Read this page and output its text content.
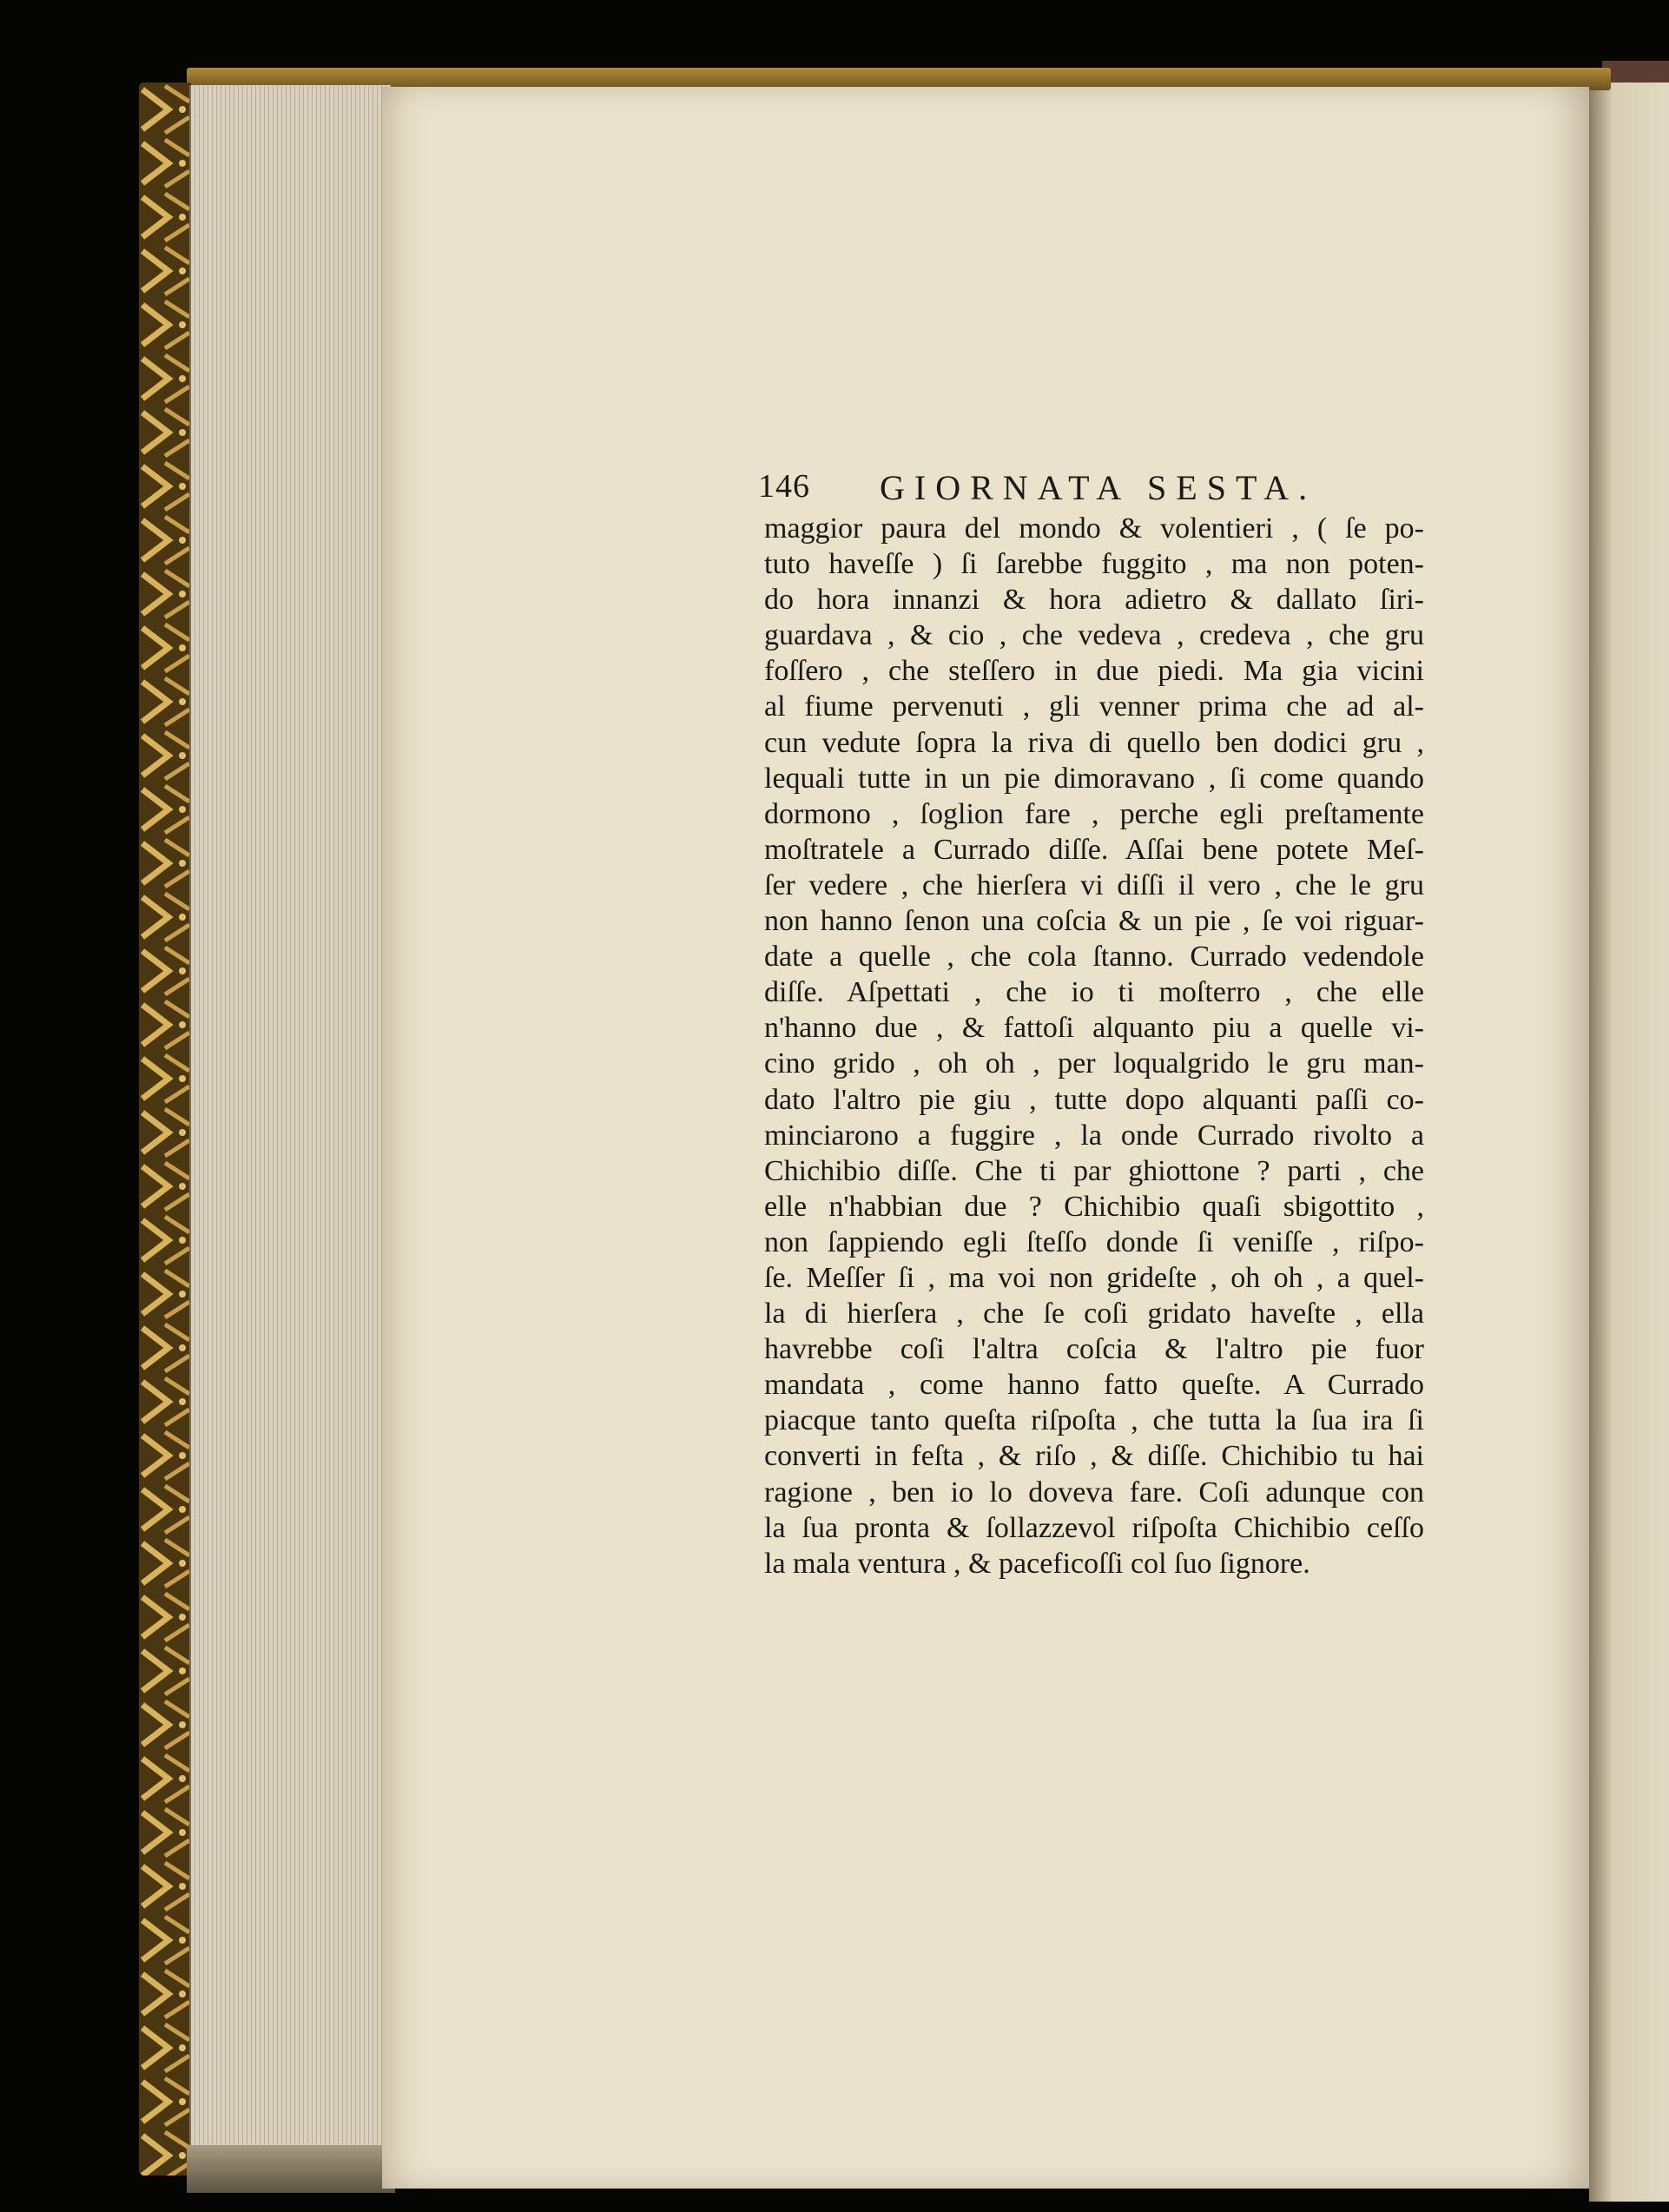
146 GIORNATA SESTA.
maggior paura del mondo & volentieri , ( ſe po-
tuto haveſſe ) ſi ſarebbe fuggito , ma non poten-
do hora innanzi & hora adietro & dallato ſiri-
guardava , & cio , che vedeva , credeva , che gru
foſſero , che steſſero in due piedi. Ma gia vicini
al fiume pervenuti , gli venner prima che ad al-
cun vedute ſopra la riva di quello ben dodici gru ,
lequali tutte in un pie dimoravano , ſi come quando
dormono , ſoglion fare , perche egli preſtamente
moſtratele a Currado diſſe. Aſſai bene potete Meſ-
ſer vedere , che hierſera vi diſſi il vero , che le gru
non hanno ſenon una coſcia & un pie , ſe voi riguar-
date a quelle , che cola ſtanno. Currado vedendole
diſſe. Aſpettati , che io ti moſterro , che elle
n'hanno due , & fattoſi alquanto piu a quelle vi-
cino grido , oh oh , per loqualgrido le gru man-
dato l'altro pie giu , tutte dopo alquanti paſſi co-
minciarono a fuggire , la onde Currado rivolto a
Chichibio diſſe. Che ti par ghiottone ? parti , che
elle n'habbian due ? Chichibio quaſi sbigottito ,
non ſappiendo egli ſteſſo donde ſi veniſſe , riſpo-
ſe. Meſſer ſi , ma voi non grideſte , oh oh , a quel-
la di hierſera , che ſe coſi gridato haveſte , ella
havrebbe coſi l'altra coſcia & l'altro pie fuor
mandata , come hanno fatto queſte. A Currado
piacque tanto queſta riſpoſta , che tutta la ſua ira ſi
converti in feſta , & riſo , & diſſe. Chichibio tu hai
ragione , ben io lo doveva fare. Coſi adunque con
la ſua pronta & ſollazzevol riſpoſta Chichibio ceſſo
la mala ventura , & paceficoſſi col ſuo ſignore.
